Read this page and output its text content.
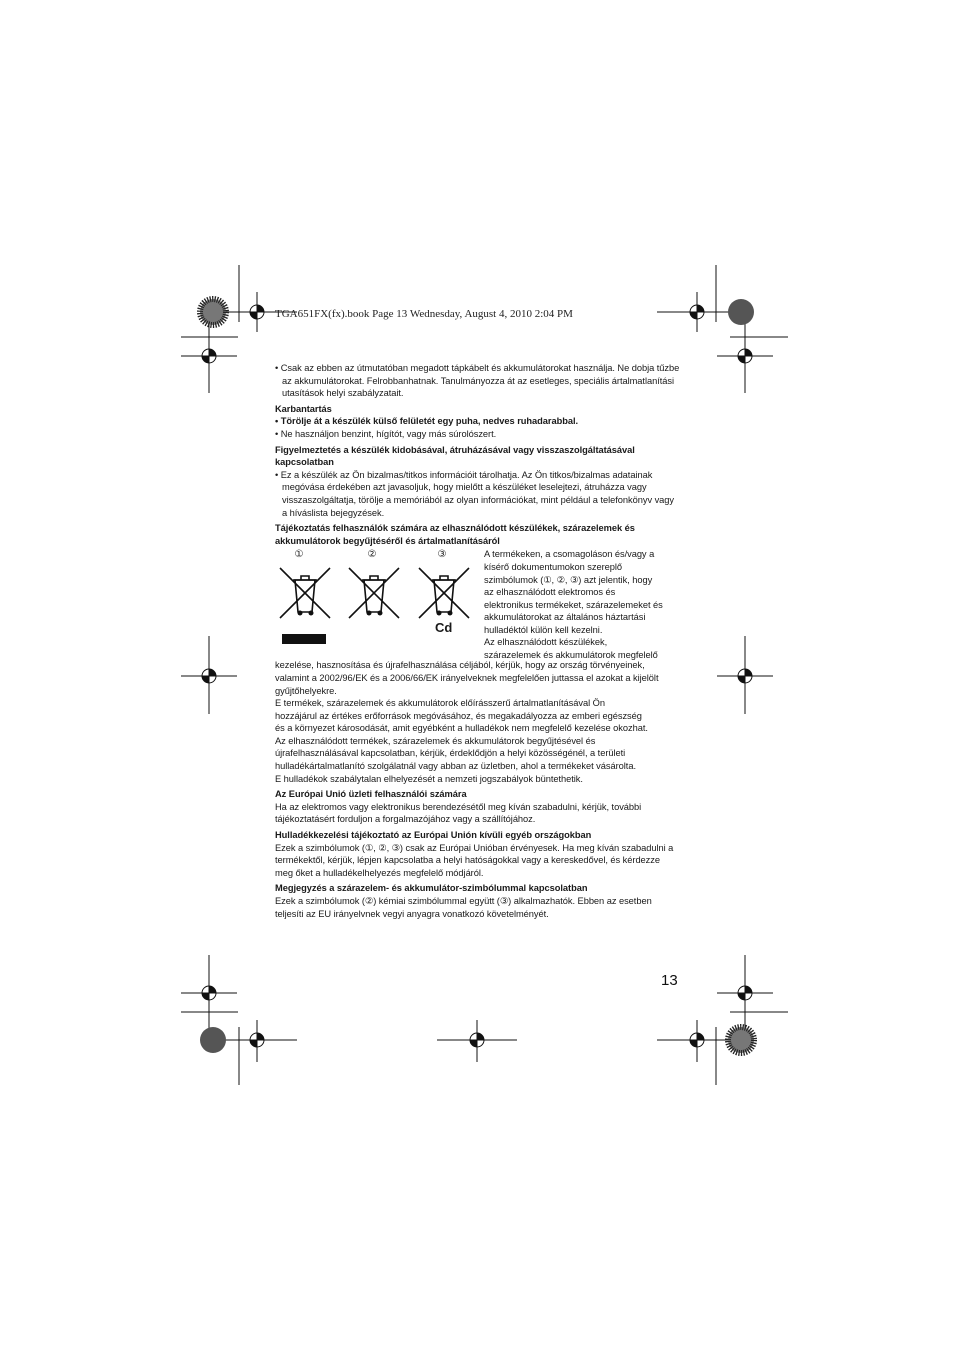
TGA651FX(fx).book Page 13 Wednesday, August 4, 2010 2:04 PM

• Csak az ebben az útmutatóban megadott tápkábelt és akkumulátorokat használja. Ne dobja tűzbe az akkumulátorokat. Felrobbanhatnak. Tanulmányozza át az esetleges, speciális ártalmatlanítási utasítások helyi szabályzatait.

Karbantartás

• Törölje át a készülék külső felületét egy puha, nedves ruhadarabbal.

• Ne használjon benzint, hígítót, vagy más súrolószert.

Figyelmeztetés a készülék kidobásával, átruházásával vagy visszaszolgáltatásával kapcsolatban

• Ez a készülék az Ön bizalmas/titkos információit tárolhatja. Az Ön titkos/bizalmas adatainak megóvása érdekében azt javasoljuk, hogy mielőtt a készüléket leselejtezi, átruházza vagy visszaszolgáltatja, törölje a memóriából az olyan információkat, mint például a telefonkönyv vagy a híváslista bejegyzések.

Tájékoztatás felhasználók számára az elhasználódott készülékek, szárazelemek és akkumulátorok begyűjtéséről és ártalmatlanításáról

①	②	③
Cd

A termékeken, a csomagoláson és/vagy a
kísérő dokumentumokon szereplő
szimbólumok (①, ②, ③) azt jelentik, hogy
az elhasználódott elektromos és
elektronikus termékeket, szárazelemeket és
akkumulátorokat az általános háztartási
hulladéktól külön kell kezelni.
Az elhasználódott készülékek,
szárazelemek és akkumulátorok megfelelő

kezelése, hasznosítása és újrafelhasználása céljából, kérjük, hogy az ország törvényeinek, valamint a 2002/96/EK és a 2006/66/EK irányelveknek megfelelően juttassa el azokat a kijelölt gyűjtőhelyekre.

E termékek, szárazelemek és akkumulátorok előírásszerű ártalmatlanításával Ön
hozzájárul az értékes erőforrások megóvásához, és megakadályozza az emberi egészség
és a környezet károsodását, amit egyébként a hulladékok nem megfelelő kezelése okozhat.
Az elhasználódott termékek, szárazelemek és akkumulátorok begyűjtésével és
újrafelhasználásával kapcsolatban, kérjük, érdeklődjön a helyi közösségénél, a területi
hulladékártalmatlanító szolgálatnál vagy abban az üzletben, ahol a termékeket vásárolta.
E hulladékok szabálytalan elhelyezését a nemzeti jogszabályok büntethetik.

Az Európai Unió üzleti felhasználói számára

Ha az elektromos vagy elektronikus berendezésétől meg kíván szabadulni, kérjük, további tájékoztatásért forduljon a forgalmazójához vagy a szállítójához.

Hulladékkezelési tájékoztató az Európai Unión kívüli egyéb országokban

Ezek a szimbólumok (①, ②, ③) csak az Európai Unióban érvényesek. Ha meg kíván szabadulni a termékektől, kérjük, lépjen kapcsolatba a helyi hatóságokkal vagy a kereskedővel, és kérdezze meg őket a hulladékelhelyezés megfelelő módjáról.

Megjegyzés a szárazelem- és akkumulátor-szimbólummal kapcsolatban

Ezek a szimbólumok (②) kémiai szimbólummal együtt (③) alkalmazhatók. Ebben az esetben teljesíti az EU irányelvnek vegyi anyagra vonatkozó követelményét.

13
